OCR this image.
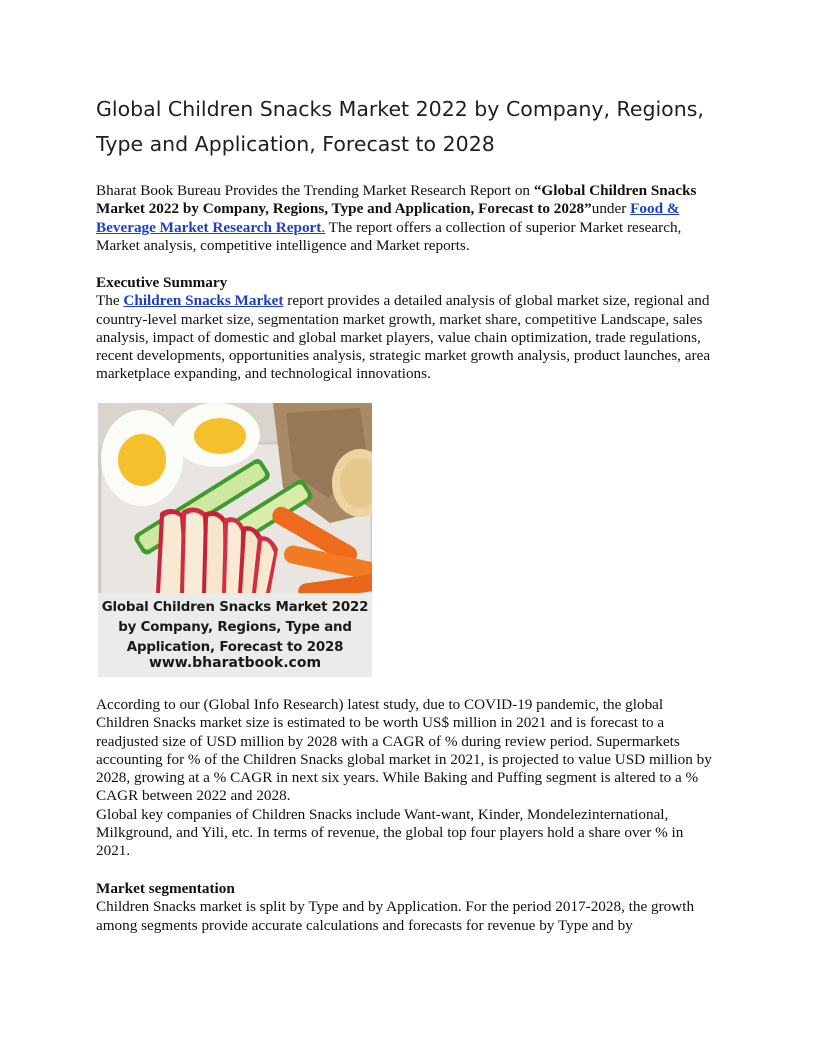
Global Children Snacks Market 2022 by Company, Regions, Type and Application, Forecast to 2028

Bharat Book Bureau Provides the Trending Market Research Report on “Global Children Snacks Market 2022 by Company, Regions, Type and Application, Forecast to 2028”under Food & Beverage Market Research Report. The report offers a collection of superior Market research, Market analysis, competitive intelligence and Market reports.

Executive Summary
The Children Snacks Market report provides a detailed analysis of global market size, regional and country-level market size, segmentation market growth, market share, competitive Landscape, sales analysis, impact of domestic and global market players, value chain optimization, trade regulations, recent developments, opportunities analysis, strategic market growth analysis, product launches, area marketplace expanding, and technological innovations.

According to our (Global Info Research) latest study, due to COVID-19 pandemic, the global Children Snacks market size is estimated to be worth US$ million in 2021 and is forecast to a readjusted size of USD million by 2028 with a CAGR of % during review period. Supermarkets accounting for % of the Children Snacks global market in 2021, is projected to value USD million by 2028, growing at a % CAGR in next six years. While Baking and Puffing segment is altered to a % CAGR between 2022 and 2028.

Global key companies of Children Snacks include Want-want, Kinder, Mondelezinternational, Milkground, and Yili, etc. In terms of revenue, the global top four players hold a share over % in 2021.

Market segmentation
Children Snacks market is split by Type and by Application. For the period 2017-2028, the growth among segments provide accurate calculations and forecasts for revenue by Type and by

Global Children Snacks Market 2022 by Company, Regions, Type and Application, Forecast to 2028
www.bharatbook.com
